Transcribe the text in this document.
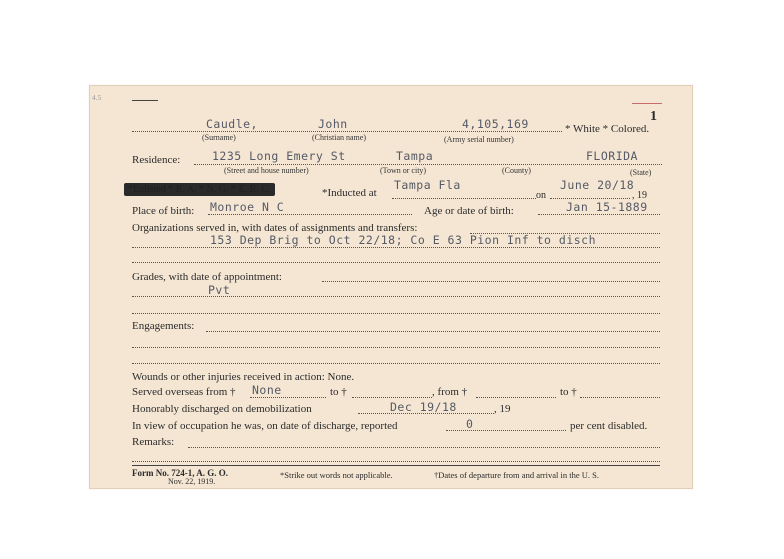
4.5
1
Caudle,	John	4,105,169	* White * Colored.
(Surname)	(Christian name)	(Army serial number)
Residence:	1235 Long Emery St	Tampa	FLORIDA
(Street and house number)	(Town or city)	(County)	(State)
*Enlisted * R. A. * N. G. * E. R. C.	*Inducted at
Tampa Fla	June 20/18
on	, 19
Place of birth: Monroe N C	Age or date of birth:	Jan 15-1889
Organizations served in, with dates of assignments and transfers:
153 Dep Brig to Oct 22/18; Co E 63 Pion Inf to disch
Grades, with date of appointment:
Pvt
Engagements:
Wounds or other injuries received in action: None.
Served overseas from † None	to †	, from †	to †
Honorably discharged on demobilization	Dec 19/18	, 19
In view of occupation he was, on date of discharge, reported	0	per cent disabled.
Remarks:
Form No. 724-1, A. G. O.
Nov. 22, 1919.
*Strike out words not applicable.	†Dates of departure from and arrival in the U. S.
